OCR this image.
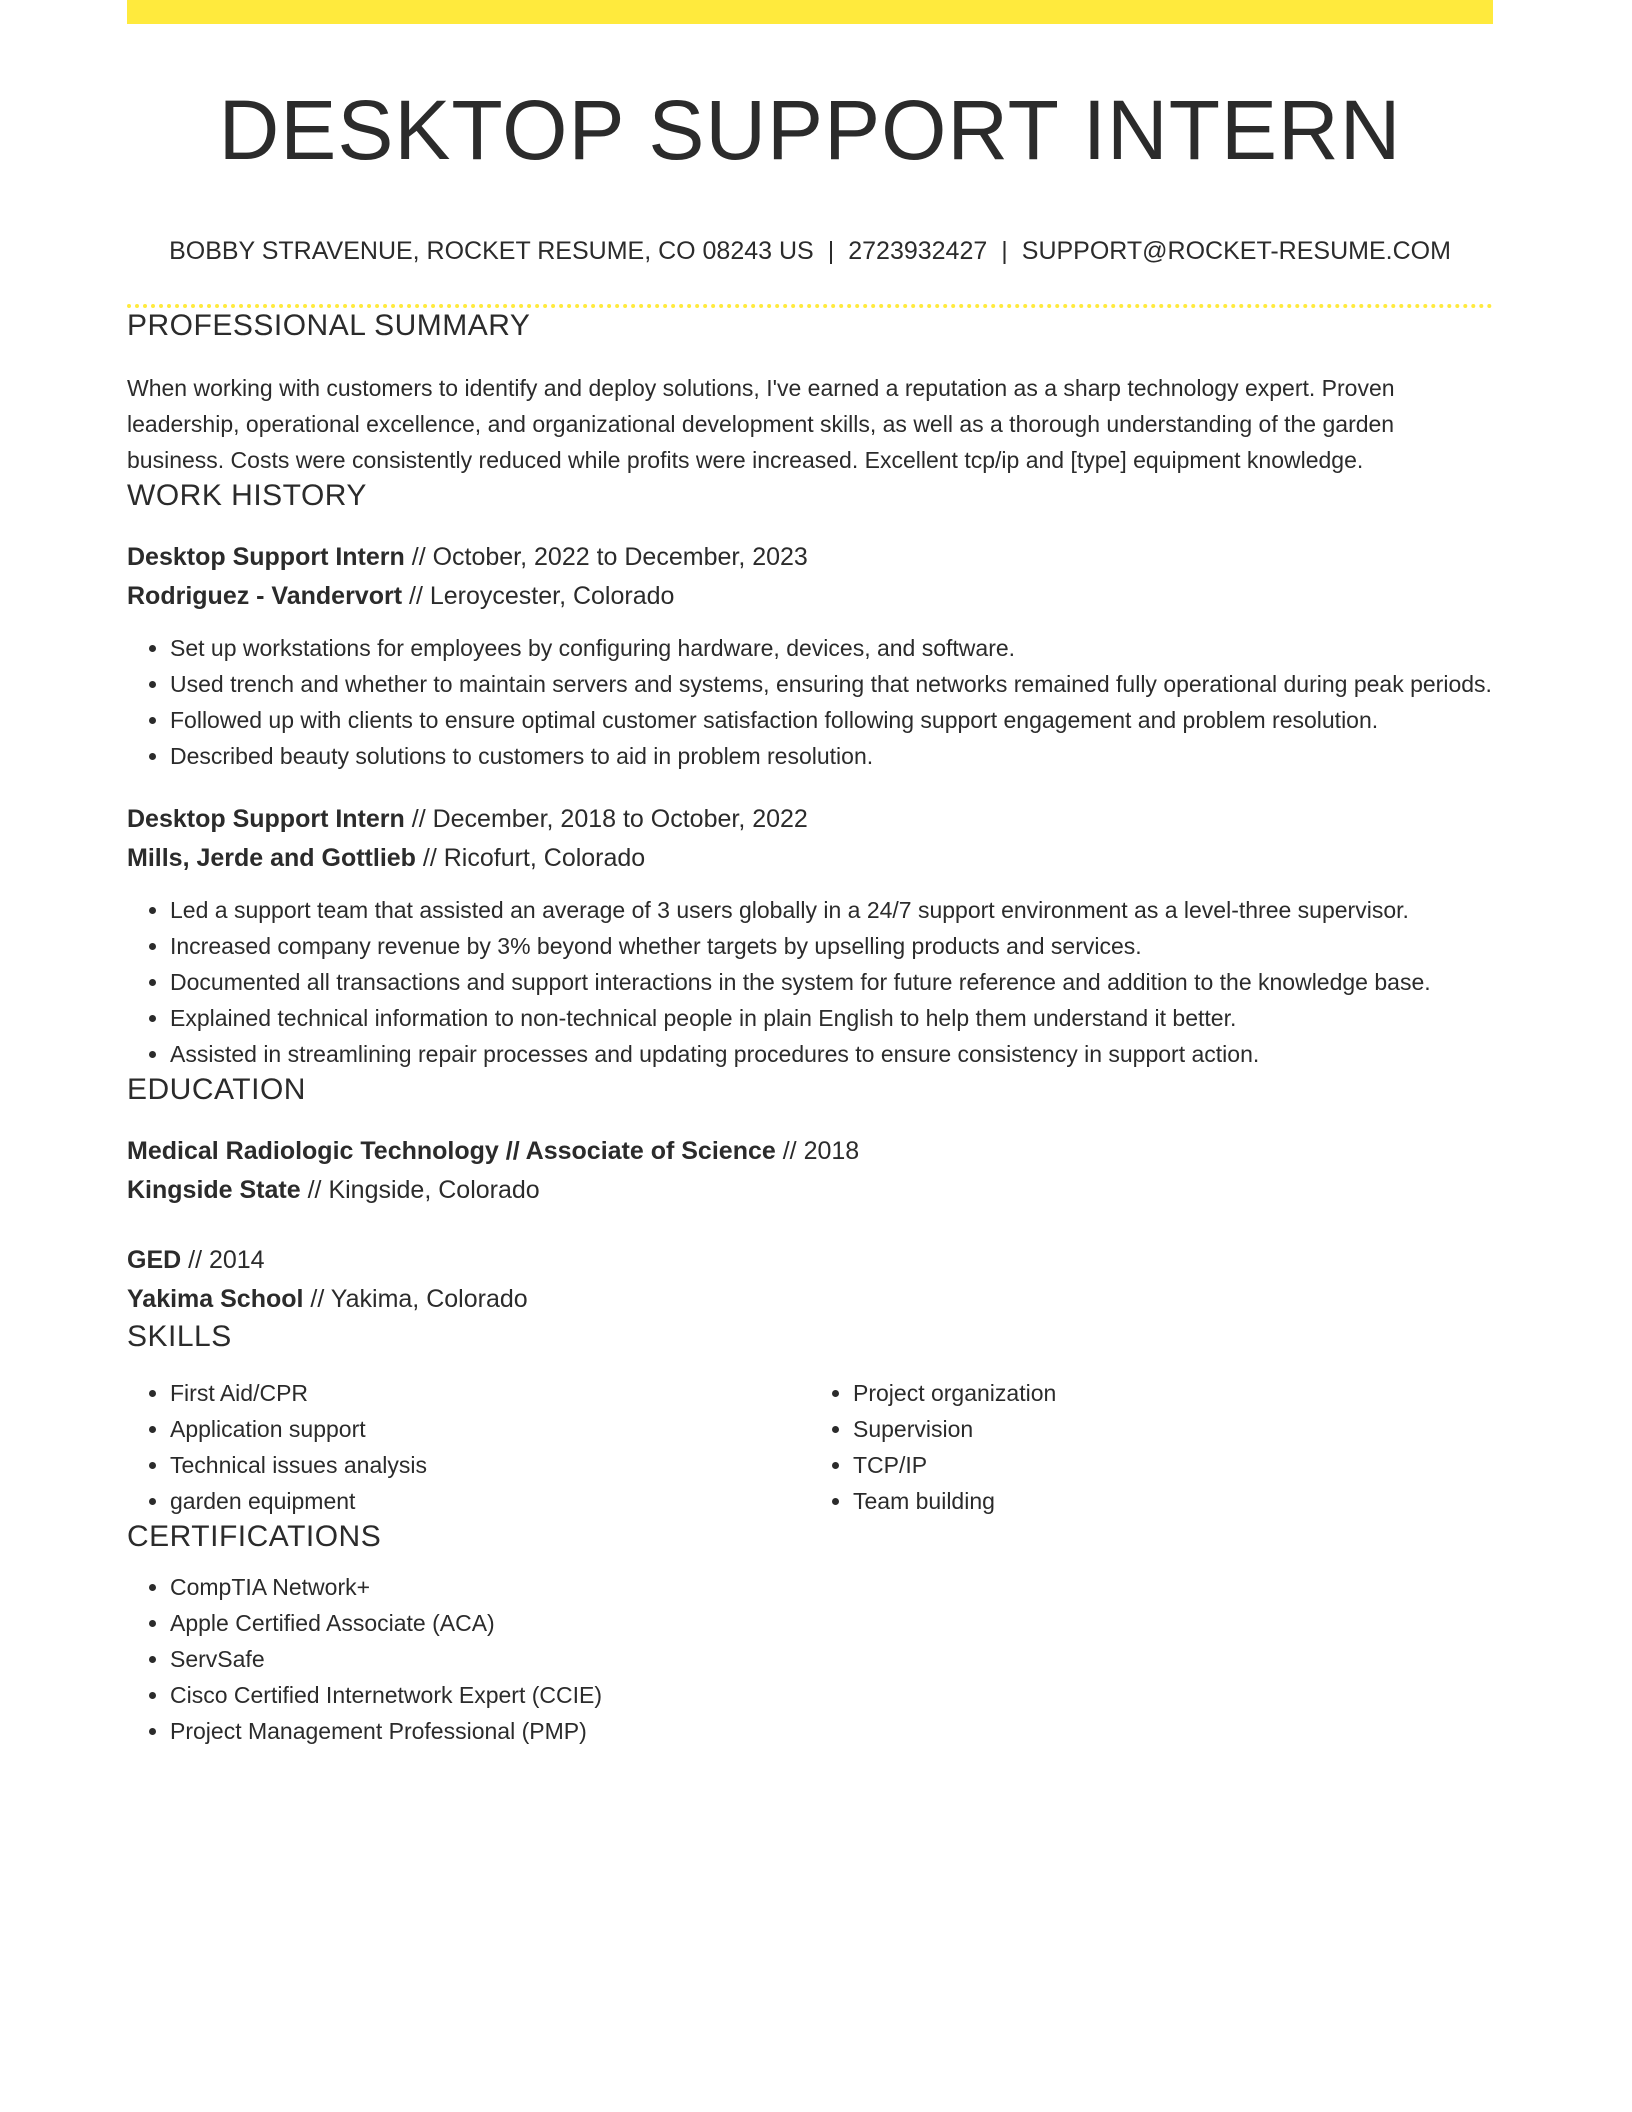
DESKTOP SUPPORT INTERN
BOBBY STRAVENUE, ROCKET RESUME, CO 08243 US | 2723932427 | SUPPORT@ROCKET-RESUME.COM
PROFESSIONAL SUMMARY

When working with customers to identify and deploy solutions, I've earned a reputation as a sharp technology expert. Proven leadership, operational excellence, and organizational development skills, as well as a thorough understanding of the garden business. Costs were consistently reduced while profits were increased. Excellent tcp/ip and [type] equipment knowledge.

WORK HISTORY
Desktop Support Intern // October, 2022 to December, 2023
Rodriguez - Vandervort // Leroycester, Colorado
• Set up workstations for employees by configuring hardware, devices, and software.
• Used trench and whether to maintain servers and systems, ensuring that networks remained fully operational during peak periods.
• Followed up with clients to ensure optimal customer satisfaction following support engagement and problem resolution.
• Described beauty solutions to customers to aid in problem resolution.
Desktop Support Intern // December, 2018 to October, 2022
Mills, Jerde and Gottlieb // Ricofurt, Colorado
• Led a support team that assisted an average of 3 users globally in a 24/7 support environment as a level-three supervisor.
• Increased company revenue by 3% beyond whether targets by upselling products and services.
• Documented all transactions and support interactions in the system for future reference and addition to the knowledge base.
• Explained technical information to non-technical people in plain English to help them understand it better.
• Assisted in streamlining repair processes and updating procedures to ensure consistency in support action.
EDUCATION
Medical Radiologic Technology // Associate of Science // 2018
Kingside State // Kingside, Colorado
GED // 2014
Yakima School // Yakima, Colorado
SKILLS
• First Aid/CPR
• Application support
• Technical issues analysis
• garden equipment
• Project organization
• Supervision
• TCP/IP
• Team building
CERTIFICATIONS
• CompTIA Network+
• Apple Certified Associate (ACA)
• ServSafe
• Cisco Certified Internetwork Expert (CCIE)
• Project Management Professional (PMP)
